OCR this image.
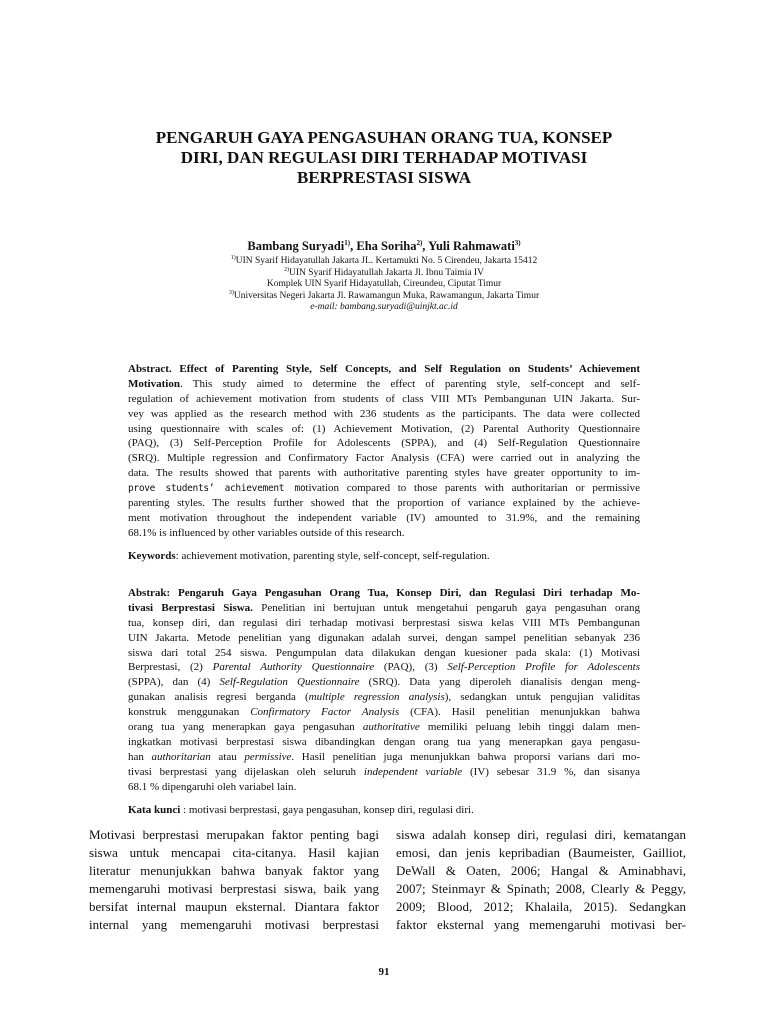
PENGARUH GAYA PENGASUHAN ORANG TUA, KONSEP
DIRI, DAN REGULASI DIRI TERHADAP MOTIVASI
BERPRESTASI SISWA
Bambang Suryadi$^{1)}$, Eha Soriha$^{2)}$, Yuli Rahmawati$^{3)}$
$^{1)}$UIN Syarif Hidayatullah Jakarta JL. Kertamukti No. 5 Cirendeu, Jakarta 15412
$^{2)}$UIN Syarif Hidayatullah Jakarta Jl. Ibnu Taimia IV
Komplek UIN Syarif Hidayatullah, Cireundeu, Ciputat Timur
$^{3)}$Universitas Negeri Jakarta Jl. Rawamangun Muka, Rawamangun, Jakarta Timur
e-mail: bambang.suryadi@uinjkt.ac.id
Abstract. Effect of Parenting Style, Self Concepts, and Self Regulation on Students’ Achievement
Motivation. This study aimed to determine the effect of parenting style, self-concept and self-
regulation of achievement motivation from students of class VIII MTs Pembangunan UIN Jakarta. Sur-
vey was applied as the research method with 236 students as the participants. The data were collected
using questionnaire with scales of: (1) Achievement Motivation, (2) Parental Authority Questionnaire
(PAQ), (3) Self-Perception Profile for Adolescents (SPPA), and (4) Self-Regulation Questionnaire
(SRQ). Multiple regression and Confirmatory Factor Analysis (CFA) were carried out in analyzing the
data. The results showed that parents with authoritative parenting styles have greater opportunity to im-
prove students’ achievement motivation compared to those parents with authoritarian or permissive
parenting styles. The results further showed that the proportion of variance explained by the achieve-
ment motivation throughout the independent variable (IV) amounted to 31.9%, and the remaining
68.1% is influenced by other variables outside of this research.
Keywords: achievement motivation, parenting style, self-concept, self-regulation.
Abstrak: Pengaruh Gaya Pengasuhan Orang Tua, Konsep Diri, dan Regulasi Diri terhadap Mo-
tivasi Berprestasi Siswa. Penelitian ini bertujuan untuk mengetahui pengaruh gaya pengasuhan orang
tua, konsep diri, dan regulasi diri terhadap motivasi berprestasi siswa kelas VIII MTs Pembangunan
UIN Jakarta. Metode penelitian yang digunakan adalah survei, dengan sampel penelitian sebanyak 236
siswa dari total 254 siswa. Pengumpulan data dilakukan dengan kuesioner pada skala: (1) Motivasi
Berprestasi, (2) Parental Authority Questionnaire (PAQ), (3) Self-Perception Profile for Adolescents
(SPPA), dan (4) Self-Regulation Questionnaire (SRQ). Data yang diperoleh dianalisis dengan meng-
gunakan analisis regresi berganda (multiple regression analysis), sedangkan untuk pengujian validitas
konstruk menggunakan Confirmatory Factor Analysis (CFA). Hasil penelitian menunjukkan bahwa
orang tua yang menerapkan gaya pengasuhan authoritative memiliki peluang lebih tinggi dalam men-
ingkatkan motivasi berprestasi siswa dibandingkan dengan orang tua yang menerapkan gaya pengasu-
han authoritarian atau permissive. Hasil penelitian juga menunjukkan bahwa proporsi varians dari mo-
tivasi berprestasi yang dijelaskan oleh seluruh independent variable (IV) sebesar 31.9 %, dan sisanya
68.1 % dipengaruhi oleh variabel lain.
Kata kunci : motivasi berprestasi, gaya pengasuhan, konsep diri, regulasi diri.
Motivasi berprestasi merupakan faktor penting bagi
siswa untuk mencapai cita-citanya. Hasil kajian
literatur menunjukkan bahwa banyak faktor yang
memengaruhi motivasi berprestasi siswa, baik yang
bersifat internal maupun eksternal. Diantara faktor
internal yang memengaruhi motivasi berprestasi
siswa adalah konsep diri, regulasi diri, kematangan
emosi, dan jenis kepribadian (Baumeister, Gailliot,
DeWall & Oaten, 2006; Hangal & Aminabhavi,
2007; Steinmayr & Spinath; 2008, Clearly & Peggy,
2009; Blood, 2012; Khalaila, 2015). Sedangkan
faktor eksternal yang memengaruhi motivasi ber-
91
